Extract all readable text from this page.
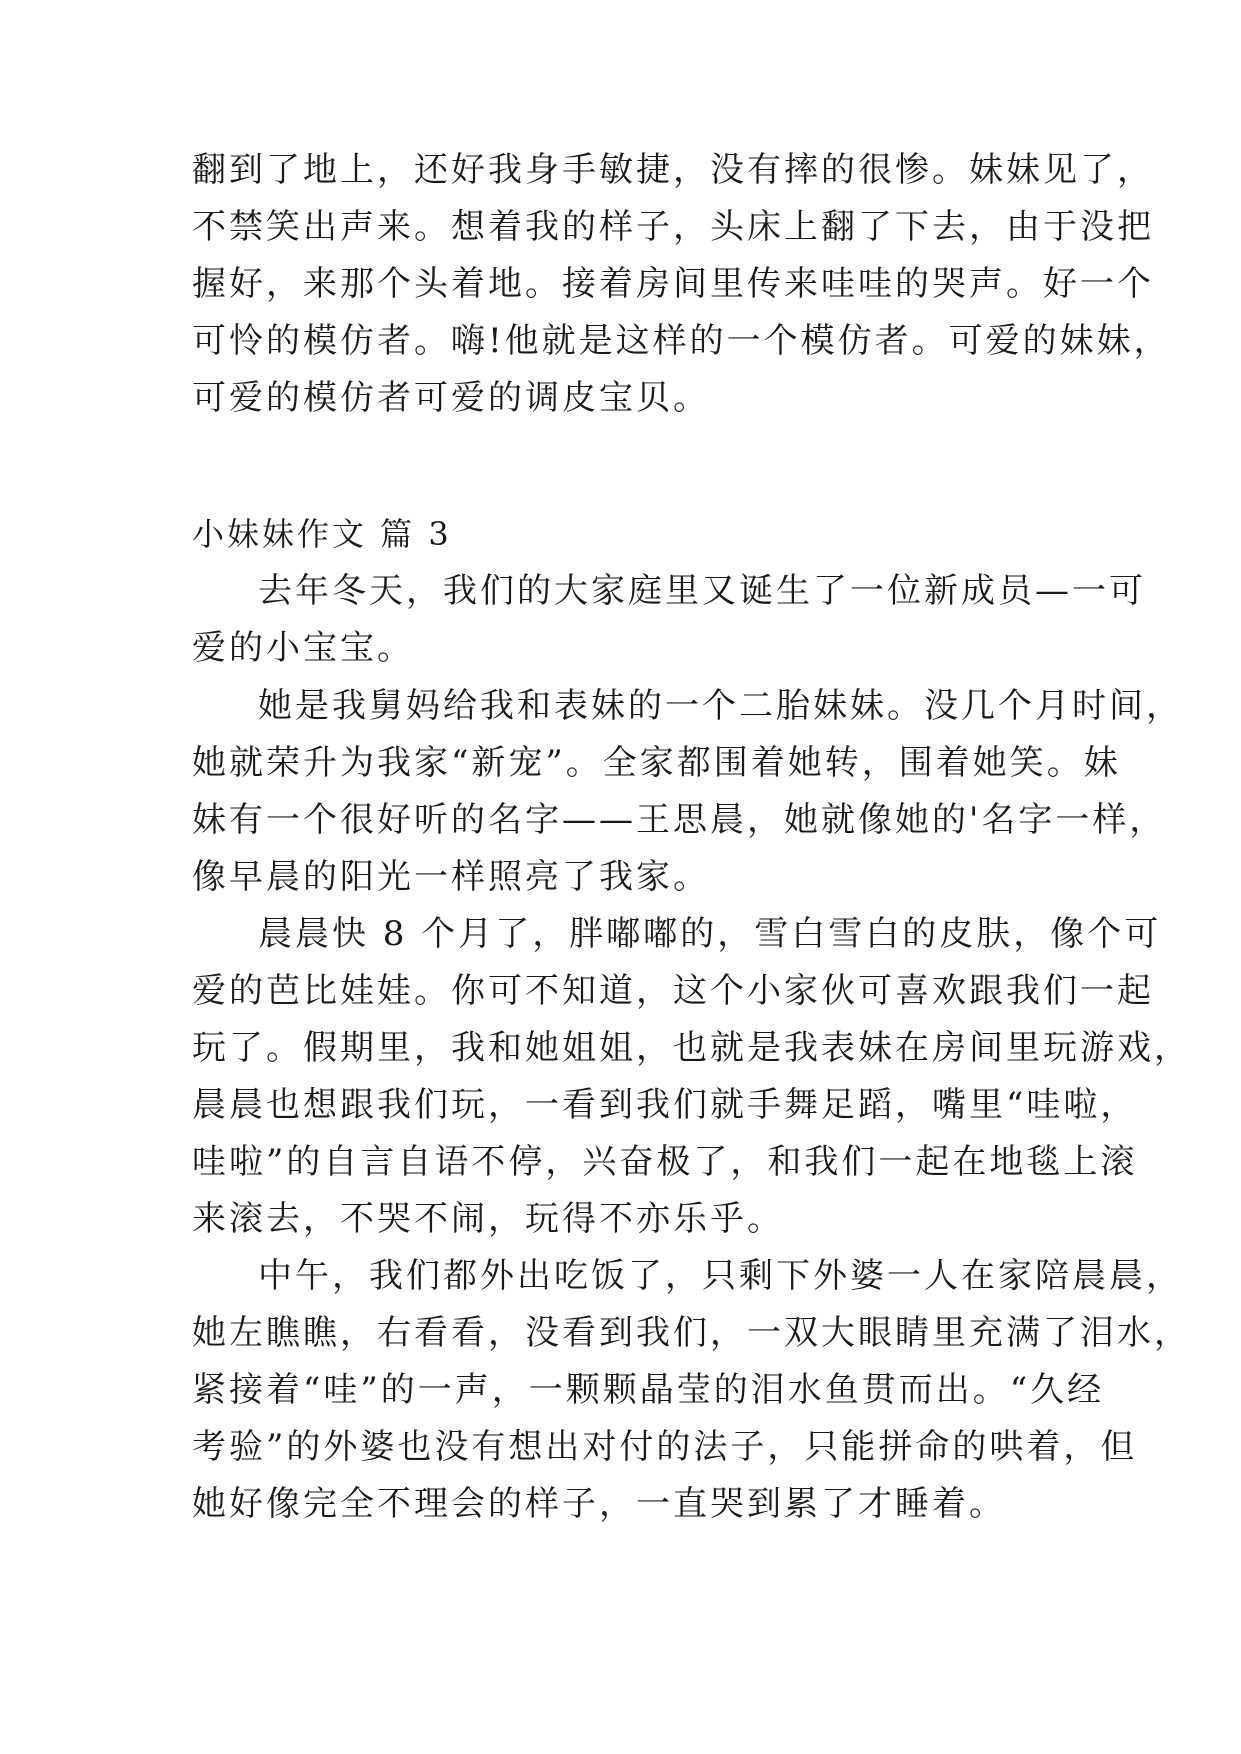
翻到了地上，还好我身手敏捷，没有摔的很惨。妹妹见了，
不禁笑出声来。想着我的样子，头床上翻了下去，由于没把
握好，来那个头着地。接着房间里传来哇哇的哭声。好一个
可怜的模仿者。嗨!他就是这样的一个模仿者。可爱的妹妹，
可爱的模仿者可爱的调皮宝贝。
小妹妹作文 篇 3
去年冬天，我们的大家庭里又诞生了一位新成员—一可
爱的小宝宝。
她是我舅妈给我和表妹的一个二胎妹妹。没几个月时间，
她就荣升为我家“新宠”。全家都围着她转，围着她笑。妹
妹有一个很好听的名字——王思晨，她就像她的'名字一样，
像早晨的阳光一样照亮了我家。
晨晨快 8 个月了，胖嘟嘟的，雪白雪白的皮肤，像个可
爱的芭比娃娃。你可不知道，这个小家伙可喜欢跟我们一起
玩了。假期里，我和她姐姐，也就是我表妹在房间里玩游戏，
晨晨也想跟我们玩，一看到我们就手舞足蹈，嘴里“哇啦，
哇啦”的自言自语不停，兴奋极了，和我们一起在地毯上滚
来滚去，不哭不闹，玩得不亦乐乎。
中午，我们都外出吃饭了，只剩下外婆一人在家陪晨晨，
她左瞧瞧，右看看，没看到我们，一双大眼睛里充满了泪水，
紧接着“哇”的一声，一颗颗晶莹的泪水鱼贯而出。“久经
考验”的外婆也没有想出对付的法子，只能拼命的哄着，但
她好像完全不理会的样子，一直哭到累了才睡着。
